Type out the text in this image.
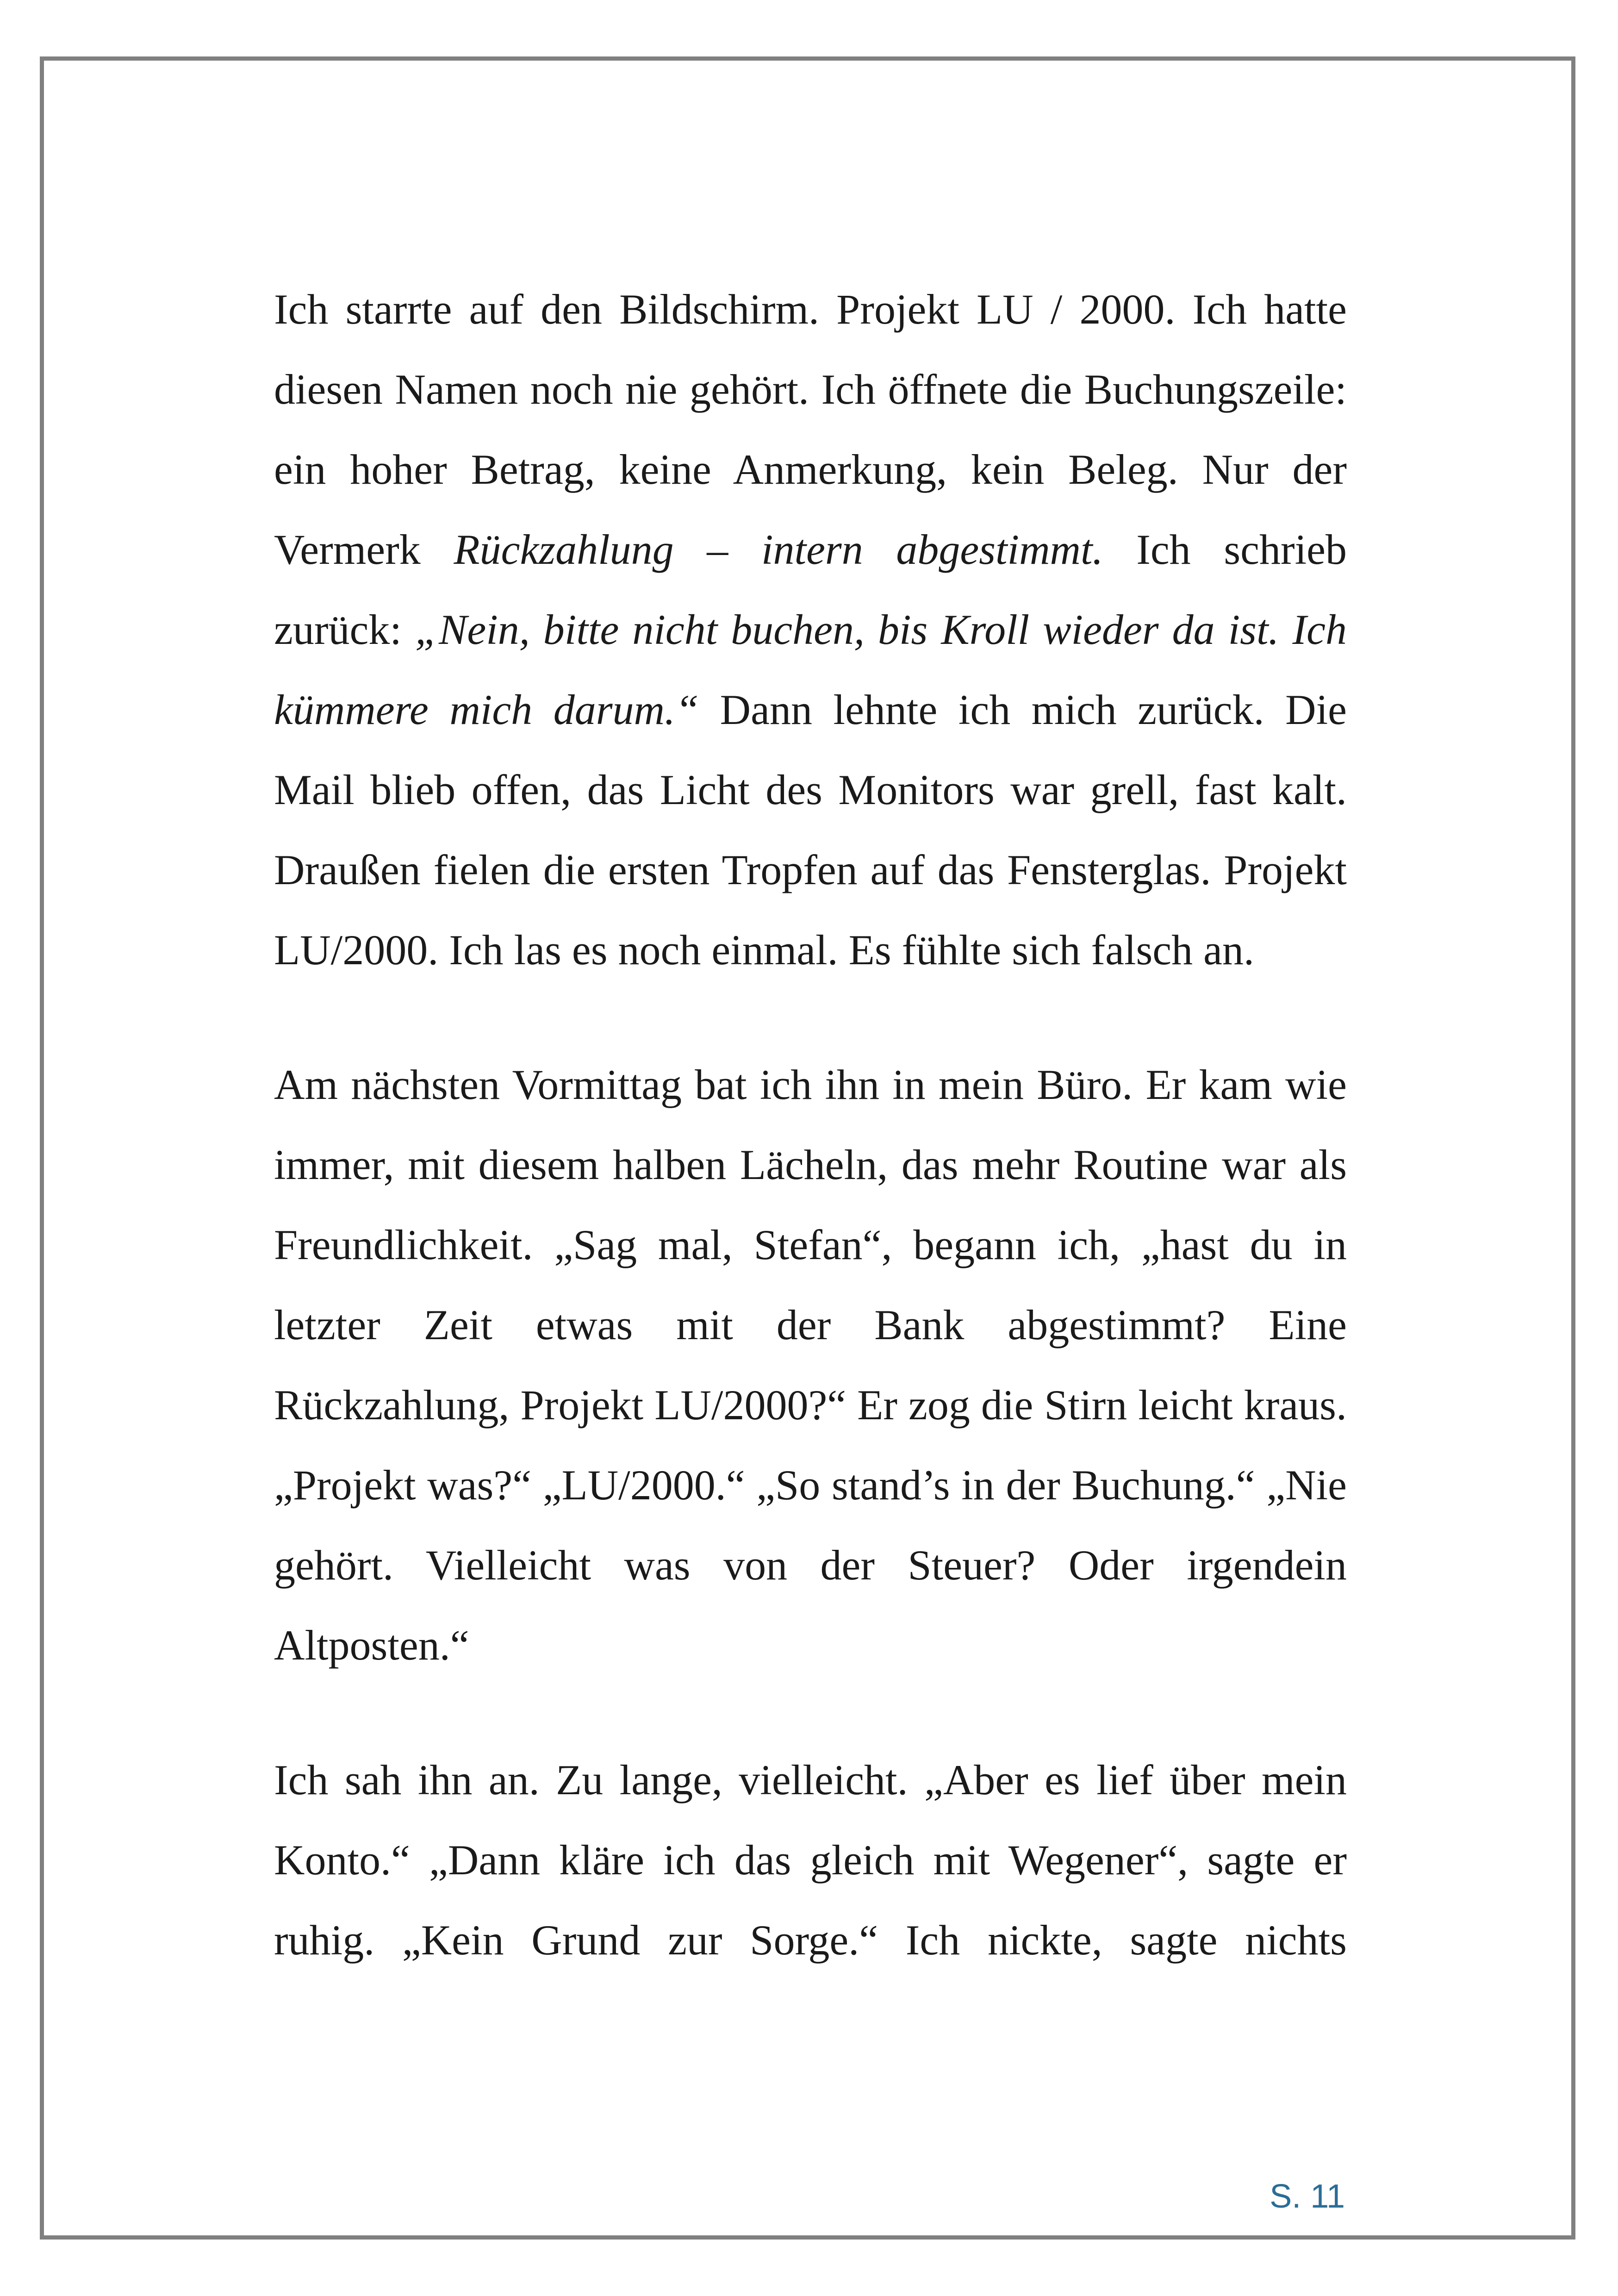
Ich starrte auf den Bildschirm. Projekt LU / 2000. Ich hatte diesen Namen noch nie gehört. Ich öffnete die Buchungszeile: ein hoher Betrag, keine Anmerkung, kein Beleg. Nur der Vermerk Rückzahlung – intern abgestimmt. Ich schrieb zurück: „Nein, bitte nicht buchen, bis Kroll wieder da ist. Ich kümmere mich darum.“ Dann lehnte ich mich zurück. Die Mail blieb offen, das Licht des Monitors war grell, fast kalt. Draußen fielen die ersten Tropfen auf das Fensterglas. Projekt LU/2000. Ich las es noch einmal. Es fühlte sich falsch an.

Am nächsten Vormittag bat ich ihn in mein Büro. Er kam wie immer, mit diesem halben Lächeln, das mehr Routine war als Freundlichkeit. „Sag mal, Stefan“, begann ich, „hast du in letzter Zeit etwas mit der Bank abgestimmt? Eine Rückzahlung, Projekt LU/2000?“ Er zog die Stirn leicht kraus. „Projekt was?“ „LU/2000.“ „So stand’s in der Buchung.“ „Nie gehört. Vielleicht was von der Steuer? Oder irgendein Altposten.“

Ich sah ihn an. Zu lange, vielleicht. „Aber es lief über mein Konto.“ „Dann kläre ich das gleich mit Wegener“, sagte er ruhig. „Kein Grund zur Sorge.“ Ich nickte, sagte nichts

S. 11
